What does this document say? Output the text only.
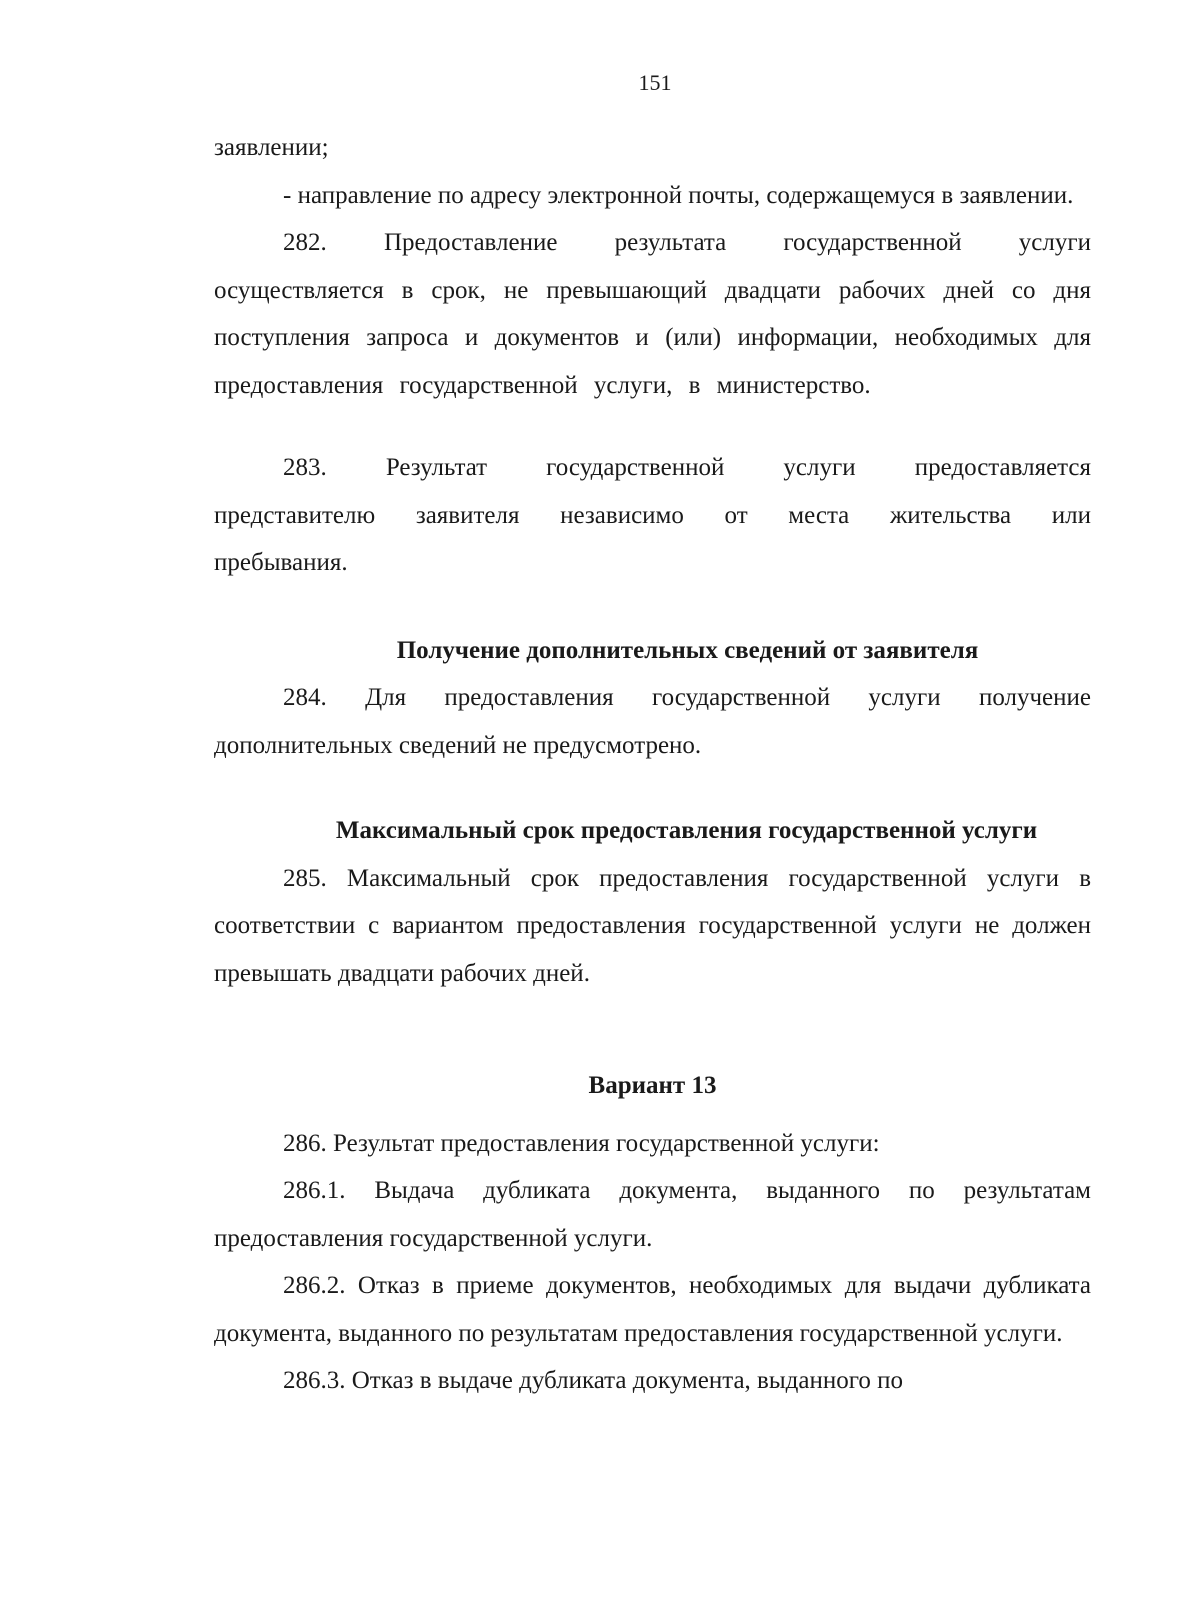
151

заявлении;

- направление по адресу электронной почты, содержащемуся в заявлении.

282. Предоставление результата государственной услуги осуществляется в срок, не превышающий двадцати рабочих дней со дня поступления запроса и документов и (или) информации, необходимых для предоставления государственной услуги, в министерство.

283. Результат государственной услуги предоставляется представителю заявителя независимо от места жительства или пребывания.

Получение дополнительных сведений от заявителя

284. Для предоставления государственной услуги получение дополнительных сведений не предусмотрено.

Максимальный срок предоставления государственной услуги

285. Максимальный срок предоставления государственной услуги в соответствии с вариантом предоставления государственной услуги не должен превышать двадцати рабочих дней.

Вариант 13

286. Результат предоставления государственной услуги:

286.1. Выдача дубликата документа, выданного по результатам предоставления государственной услуги.

286.2. Отказ в приеме документов, необходимых для выдачи дубликата документа, выданного по результатам предоставления государственной услуги.

286.3. Отказ в выдаче дубликата документа, выданного по
